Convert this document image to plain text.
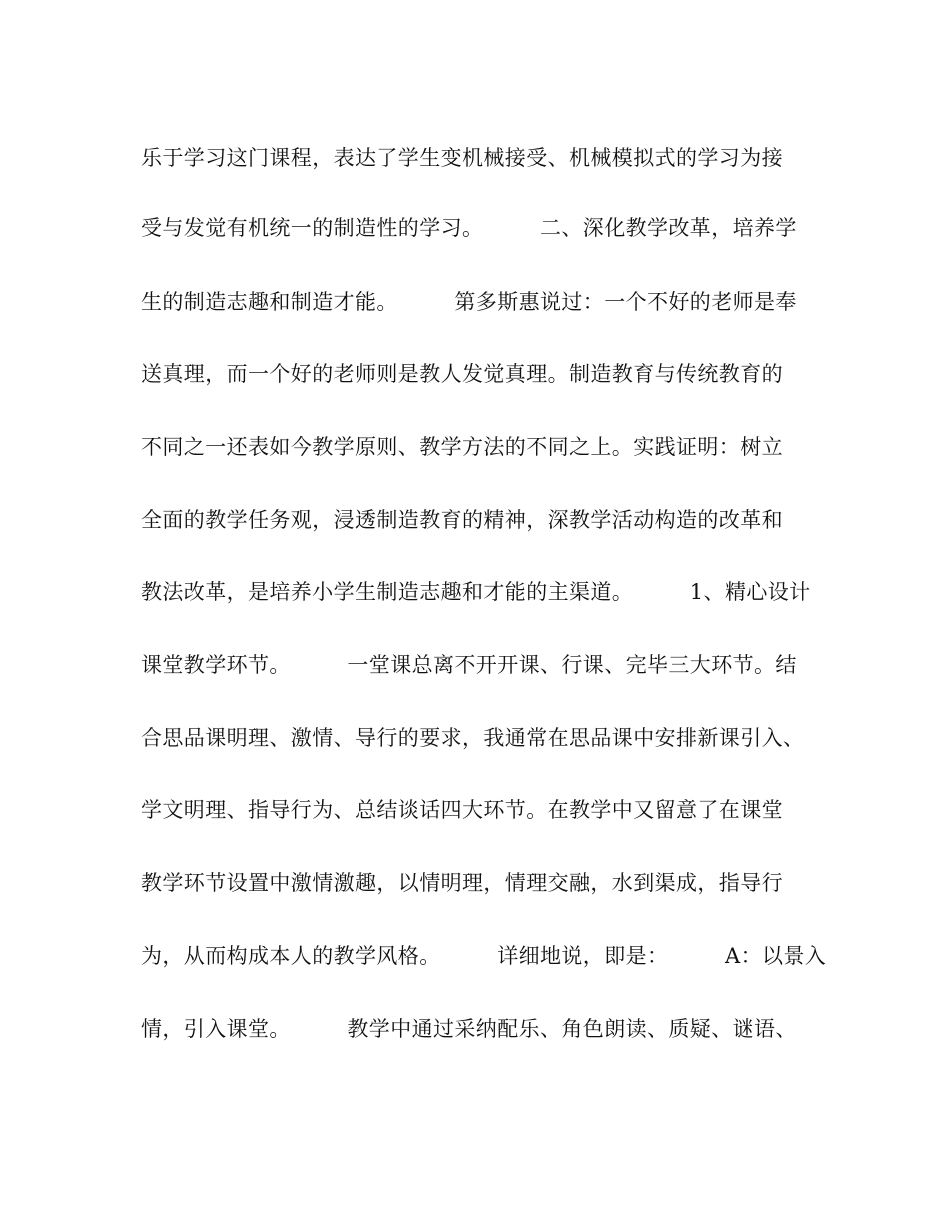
乐于学习这门课程，表达了学生变机械接受、机械模拟式的学习为接
受与发觉有机统一的制造性的学习。        二、深化教学改革，培养学
生的制造志趣和制造才能。        第多斯惠说过：一个不好的老师是奉
送真理，而一个好的老师则是教人发觉真理。制造教育与传统教育的
不同之一还表如今教学原则、教学方法的不同之上。实践证明：树立
全面的教学任务观，浸透制造教育的精神，深教学活动构造的改革和
教法改革，是培养小学生制造志趣和才能的主渠道。        1、精心设计
课堂教学环节。        一堂课总离不开开课、行课、完毕三大环节。结
合思品课明理、激情、导行的要求，我通常在思品课中安排新课引入、
学文明理、指导行为、总结谈话四大环节。在教学中又留意了在课堂
教学环节设置中激情激趣，以情明理，情理交融，水到渠成，指导行
为，从而构成本人的教学风格。        详细地说，即是：        A：以景入
情，引入课堂。        教学中通过采纳配乐、角色朗读、质疑、谜语、
